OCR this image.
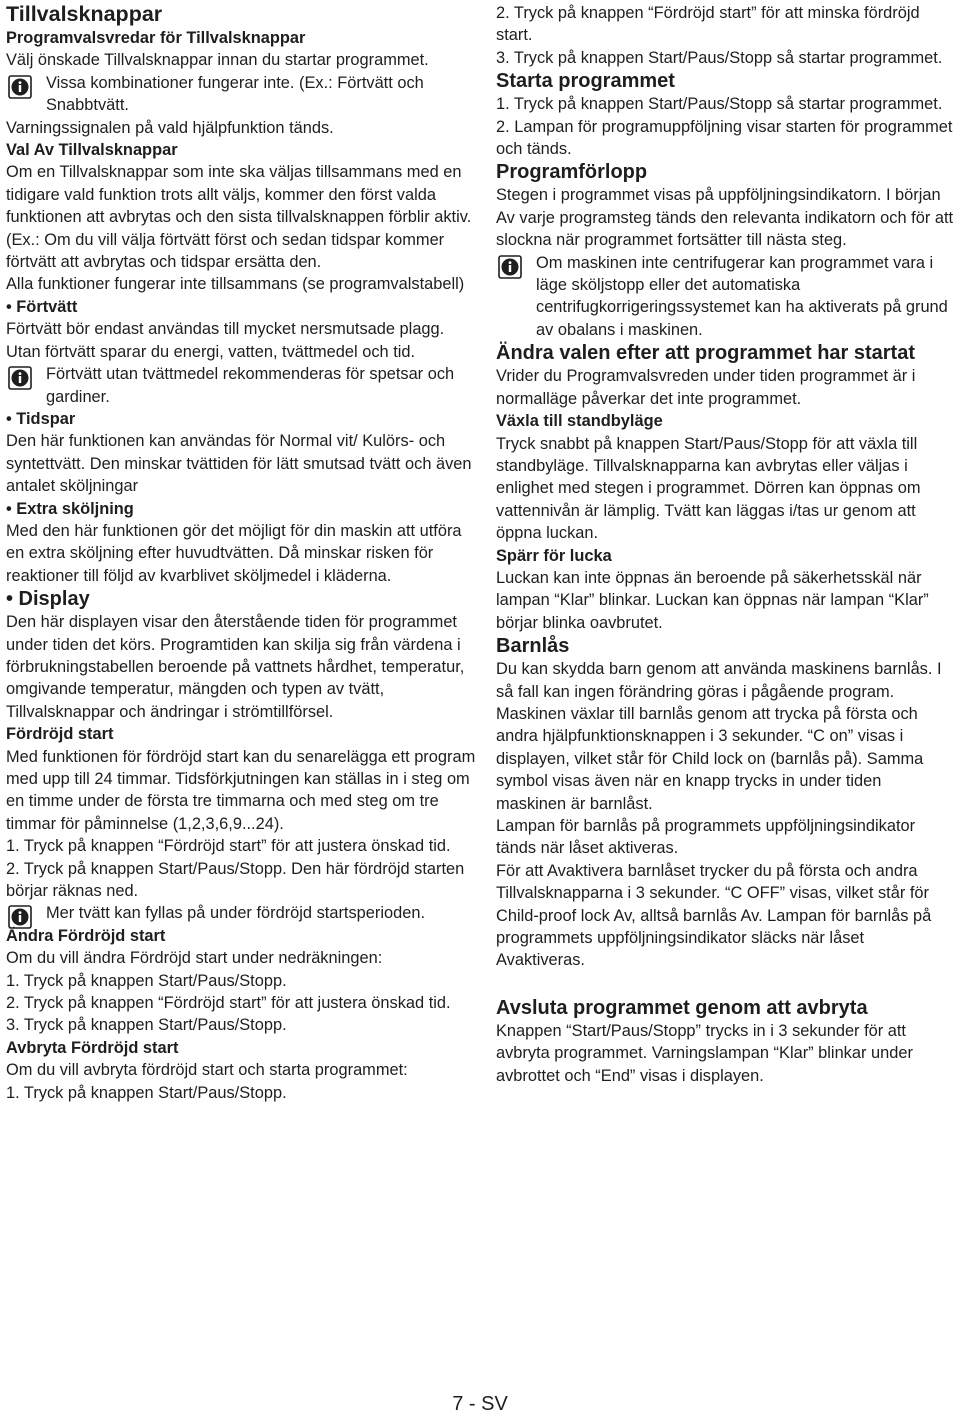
Tillvalsknappar
Programvalsvredar för Tillvalsknappar
Välj önskade Tillvalsknappar innan du startar programmet.
Vissa kombinationer fungerar inte. (Ex.: Förtvätt och Snabbtvätt.
Varningssignalen på vald hjälpfunktion tänds.
Val Av Tillvalsknappar
Om en Tillvalsknappar som inte ska väljas tillsammans med en tidigare vald funktion trots allt väljs, kommer den först valda funktionen att avbrytas och den sista tillvalsknappen förblir aktiv.
(Ex.: Om du vill välja förtvätt först och sedan tidspar kommer förtvätt att avbrytas och tidspar ersätta den.
Alla funktioner fungerar inte tillsammans (se programvalstabell)
• Förtvätt
Förtvätt bör endast användas till mycket nersmutsade plagg. Utan förtvätt sparar du energi, vatten, tvättmedel och tid.
Förtvätt utan tvättmedel rekommenderas för spetsar och gardiner.
• Tidspar
Den här funktionen kan användas för Normal vit/ Kulörs- och syntettvätt. Den minskar tvättiden för lätt smutsad tvätt och även antalet sköljningar
• Extra sköljning
Med den här funktionen gör det möjligt för din maskin att utföra en extra sköljning efter huvudtvätten. Då minskar risken för reaktioner till följd av kvarblivet sköljmedel i kläderna.
• Display
Den här displayen visar den återstående tiden för programmet under tiden det körs. Programtiden kan skilja sig från värdena i förbrukningstabellen beroende på vattnets hårdhet, temperatur, omgivande temperatur, mängden och typen av tvätt, Tillvalsknappar och ändringar i strömtillförsel.
Fördröjd start
Med funktionen för fördröjd start kan du senarelägga ett program med upp till 24 timmar. Tidsförkjutningen kan ställas in i steg om en timme under de första tre timmarna och med steg om tre timmar för påminnelse (1,2,3,6,9...24).
1. Tryck på knappen “Fördröjd start” för att justera önskad tid.
2. Tryck på knappen Start/Paus/Stopp. Den här fördröjd starten börjar räknas ned.
Mer tvätt kan fyllas på under fördröjd startsperioden.
Ändra Fördröjd start
Om du vill ändra Fördröjd start under nedräkningen:
1. Tryck på knappen Start/Paus/Stopp.
2. Tryck på knappen “Fördröjd start” för att justera önskad tid.
3. Tryck på knappen Start/Paus/Stopp.
Avbryta Fördröjd start
Om du vill avbryta fördröjd start och starta programmet:
1. Tryck på knappen Start/Paus/Stopp.
2. Tryck på knappen “Fördröjd start” för att minska fördröjd start.
3. Tryck på knappen Start/Paus/Stopp så startar programmet.
Starta programmet
1. Tryck på knappen Start/Paus/Stopp så startar programmet.
2. Lampan för programuppföljning visar starten för programmet och tänds.
Programförlopp
Stegen i programmet visas på uppföljningsindikatorn. I början Av varje programsteg tänds den relevanta indikatorn och för att slockna när programmet fortsätter till nästa steg.
Om maskinen inte centrifugerar kan programmet vara i läge sköljstopp eller det automatiska centrifugkorrigeringssystemet kan ha aktiverats på grund av obalans i maskinen.
Ändra valen efter att programmet har startat
Vrider du Programvalsvreden under tiden programmet är i normalläge påverkar det inte programmet.
Växla till standbyläge
Tryck snabbt på knappen Start/Paus/Stopp för att växla till standbyläge. Tillvalsknapparna kan avbrytas eller väljas i enlighet med stegen i programmet. Dörren kan öppnas om vattennivån är lämplig. Tvätt kan läggas i/tas ur genom att öppna luckan.
Spärr för lucka
Luckan kan inte öppnas än beroende på säkerhetsskäl när lampan “Klar” blinkar. Luckan kan öppnas när lampan “Klar” börjar blinka oavbrutet.
Barnlås
Du kan skydda barn genom att använda maskinens barnlås. I så fall kan ingen förändring göras i pågående program.
Maskinen växlar till barnlås genom att trycka på första och andra hjälpfunktionsknappen i 3 sekunder. “C on” visas i displayen, vilket står för Child lock on (barnlås på). Samma symbol visas även när en knapp trycks in under tiden maskinen är barnlåst.
Lampan för barnlås på programmets uppföljningsindikator tänds när låset aktiveras.
För att Avaktivera barnlåset trycker du på första och andra Tillvalsknapparna i 3 sekunder. “C OFF” visas, vilket står för Child-proof lock Av, alltså barnlås Av. Lampan för barnlås på programmets uppföljningsindikator släcks när låset Avaktiveras.
Avsluta programmet genom att avbryta
Knappen “Start/Paus/Stopp” trycks in i 3 sekunder för att avbryta programmet. Varningslampan “Klar” blinkar under avbrottet och “End” visas i displayen.
7 - SV
